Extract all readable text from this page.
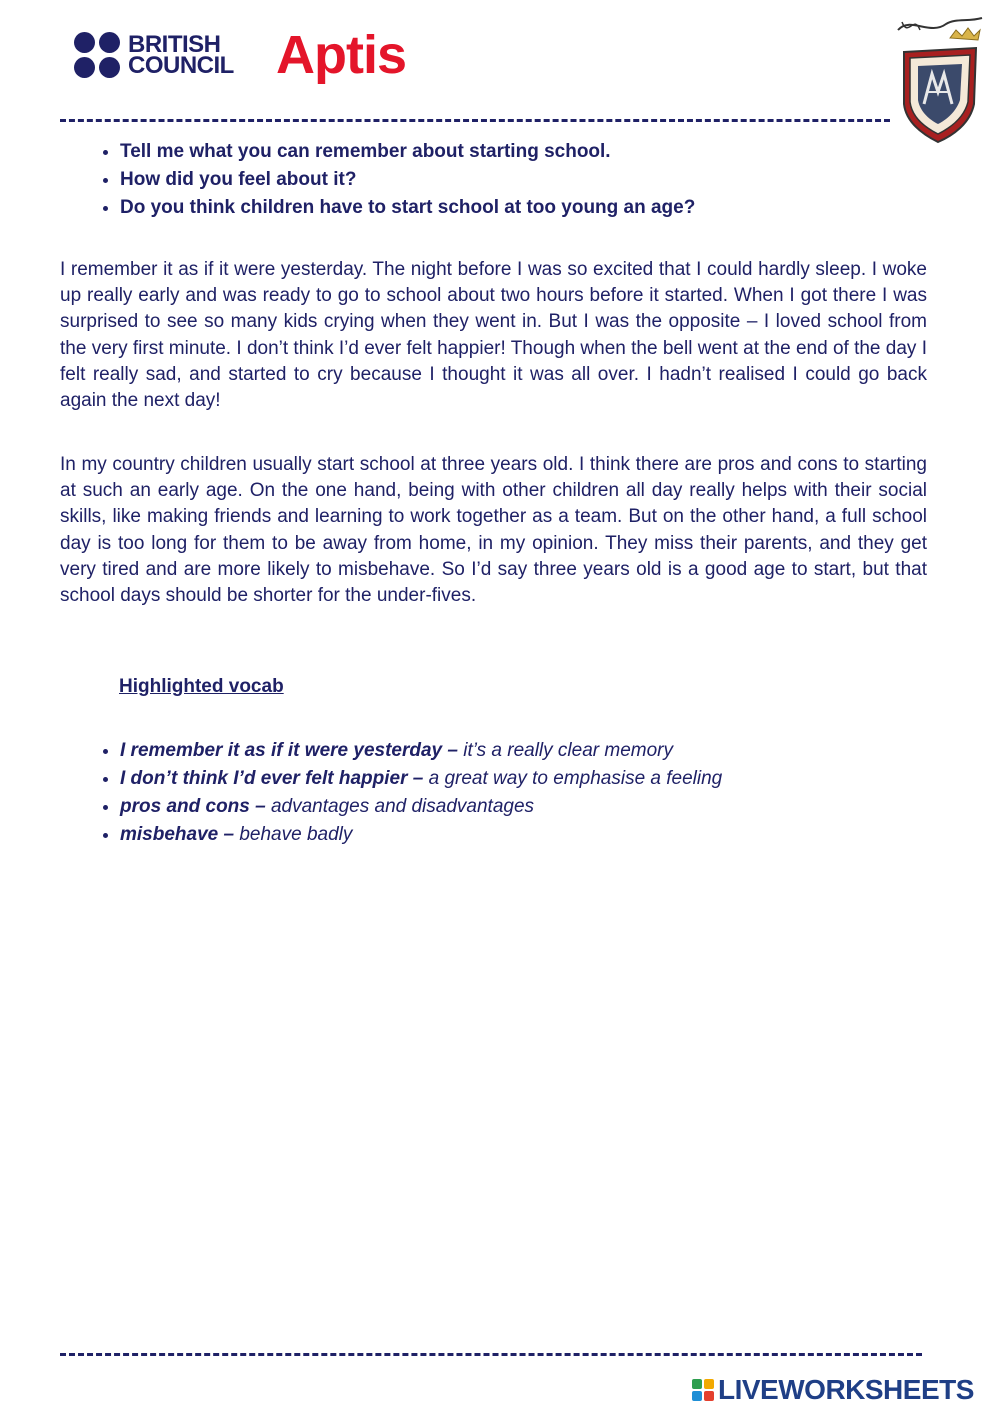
BRITISH
COUNCIL Aptis
• Tell me what you can remember about starting school.
• How did you feel about it?
• Do you think children have to start school at too young an age?

I remember it as if it were yesterday. The night before I was so excited that I could hardly sleep. I woke up really early and was ready to go to school about two hours before it started. When I got there I was surprised to see so many kids crying when they went in. But I was the opposite – I loved school from the very first minute. I don’t think I’d ever felt happier! Though when the bell went at the end of the day I felt really sad, and started to cry because I thought it was all over. I hadn’t realised I could go back again the next day!

In my country children usually start school at three years old. I think there are pros and cons to starting at such an early age. On the one hand, being with other children all day really helps with their social skills, like making friends and learning to work together as a team. But on the other hand, a full school day is too long for them to be away from home, in my opinion. They miss their parents, and they get very tired and are more likely to misbehave. So I’d say three years old is a good age to start, but that school days should be shorter for the under-fives.

Highlighted vocab
• I remember it as if it were yesterday – it’s a really clear memory
• I don’t think I’d ever felt happier – a great way to emphasise a feeling
• pros and cons – advantages and disadvantages
• misbehave – behave badly
LIVEWORKSHEETS
